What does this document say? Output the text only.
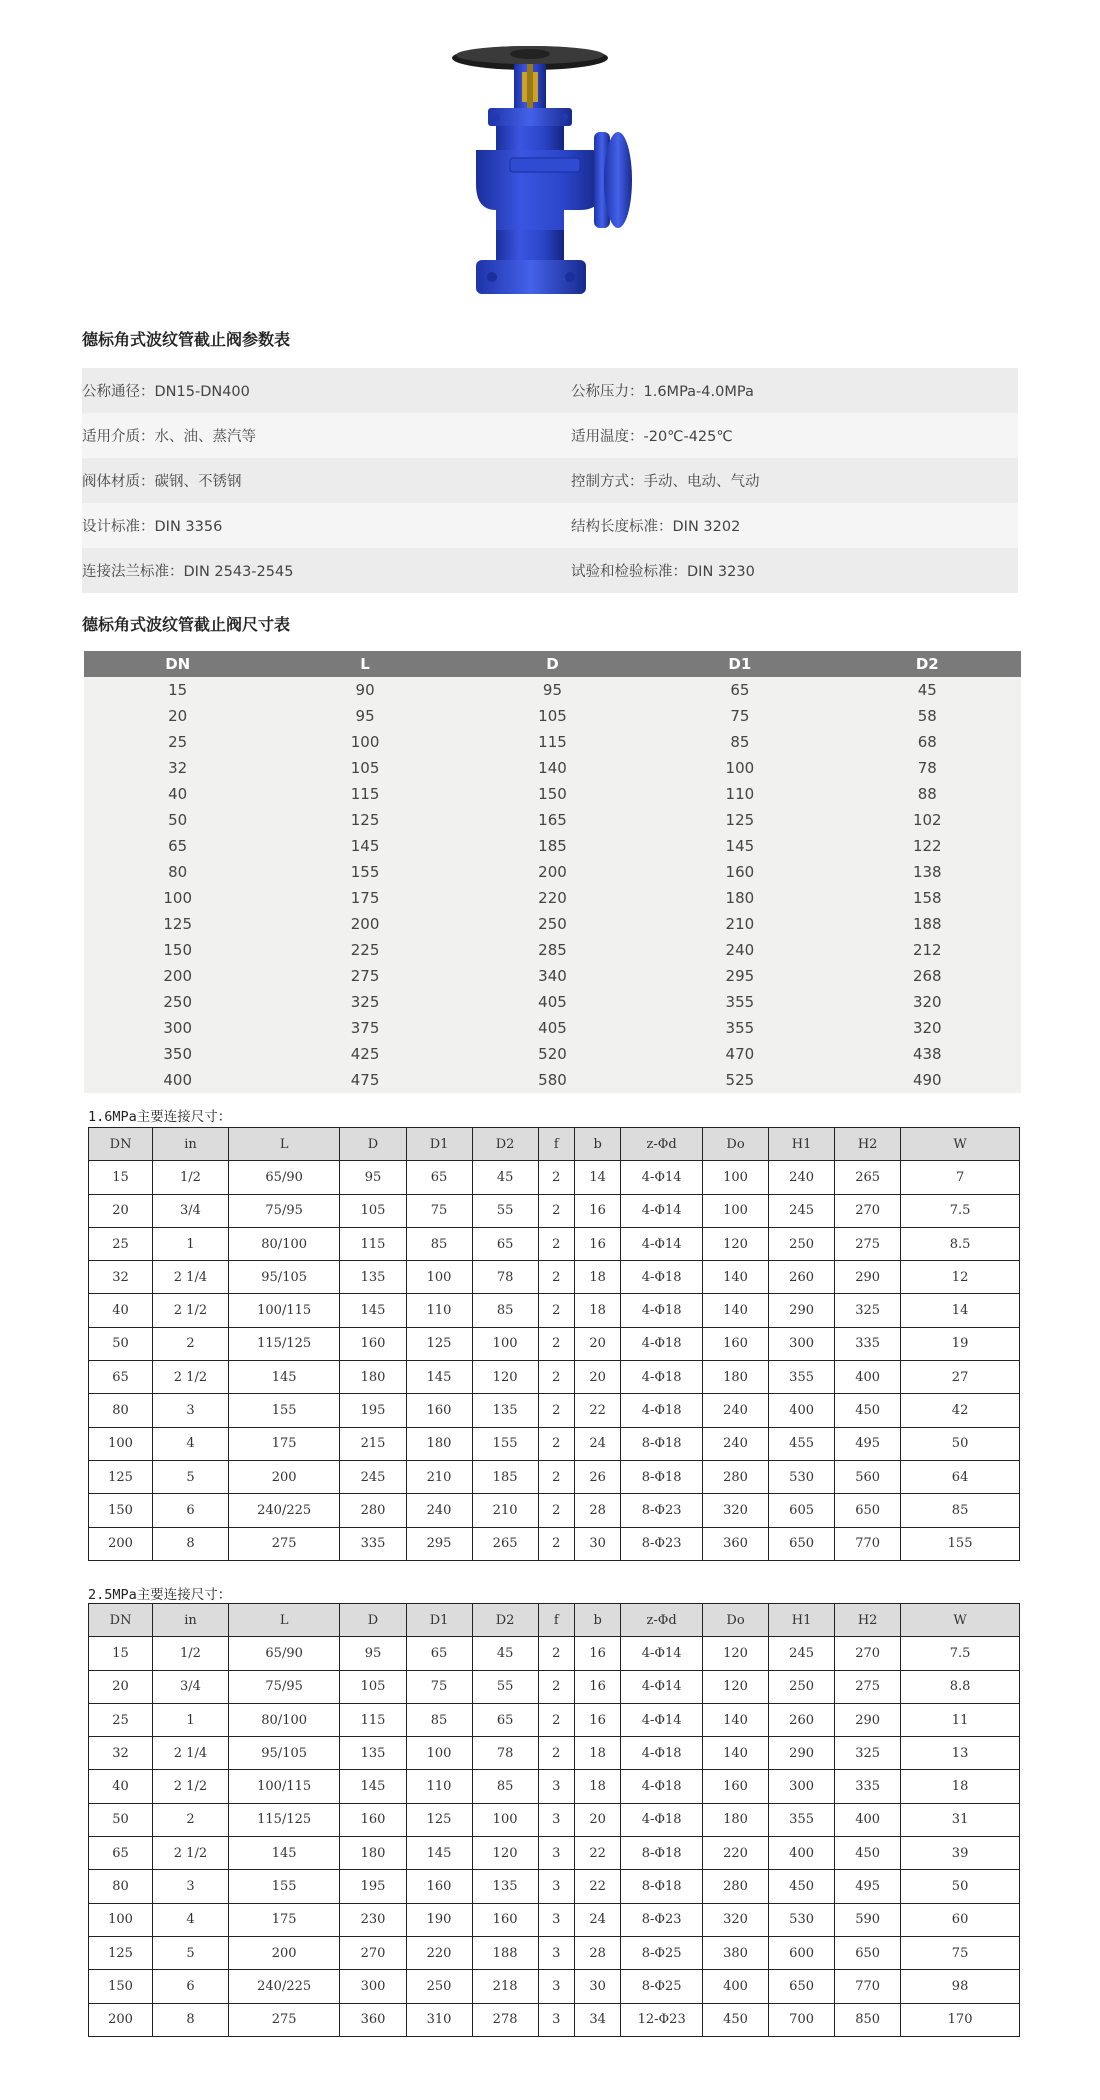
德标角式波纹管截止阀参数表
公称通径：DN15-DN400	公称压力：1.6MPa-4.0MPa
适用介质：水、油、蒸汽等	适用温度：-20℃-425℃
阀体材质：碳钢、不锈钢	控制方式：手动、电动、气动
设计标准：DIN 3356	结构长度标准：DIN 3202
连接法兰标准：DIN 2543-2545	试验和检验标准：DIN 3230
德标角式波纹管截止阀尺寸表
DN	L	D	D1	D2
15	90	95	65	45
20	95	105	75	58
25	100	115	85	68
32	105	140	100	78
40	115	150	110	88
50	125	165	125	102
65	145	185	145	122
80	155	200	160	138
100	175	220	180	158
125	200	250	210	188
150	225	285	240	212
200	275	340	295	268
250	325	405	355	320
300	375	405	355	320
350	425	520	470	438
400	475	580	525	490
1.6MPa主要连接尺寸：
DN	in	L	D	D1	D2	f	b	z-Φd	Do	H1	H2	W
15	1/2	65/90	95	65	45	2	14	4-Φ14	100	240	265	7
20	3/4	75/95	105	75	55	2	16	4-Φ14	100	245	270	7.5
25	1	80/100	115	85	65	2	16	4-Φ14	120	250	275	8.5
32	2 1/4	95/105	135	100	78	2	18	4-Φ18	140	260	290	12
40	2 1/2	100/115	145	110	85	2	18	4-Φ18	140	290	325	14
50	2	115/125	160	125	100	2	20	4-Φ18	160	300	335	19
65	2 1/2	145	180	145	120	2	20	4-Φ18	180	355	400	27
80	3	155	195	160	135	2	22	4-Φ18	240	400	450	42
100	4	175	215	180	155	2	24	8-Φ18	240	455	495	50
125	5	200	245	210	185	2	26	8-Φ18	280	530	560	64
150	6	240/225	280	240	210	2	28	8-Φ23	320	605	650	85
200	8	275	335	295	265	2	30	8-Φ23	360	650	770	155
2.5MPa主要连接尺寸：
DN	in	L	D	D1	D2	f	b	z-Φd	Do	H1	H2	W
15	1/2	65/90	95	65	45	2	16	4-Φ14	120	245	270	7.5
20	3/4	75/95	105	75	55	2	16	4-Φ14	120	250	275	8.8
25	1	80/100	115	85	65	2	16	4-Φ14	140	260	290	11
32	2 1/4	95/105	135	100	78	2	18	4-Φ18	140	290	325	13
40	2 1/2	100/115	145	110	85	3	18	4-Φ18	160	300	335	18
50	2	115/125	160	125	100	3	20	4-Φ18	180	355	400	31
65	2 1/2	145	180	145	120	3	22	8-Φ18	220	400	450	39
80	3	155	195	160	135	3	22	8-Φ18	280	450	495	50
100	4	175	230	190	160	3	24	8-Φ23	320	530	590	60
125	5	200	270	220	188	3	28	8-Φ25	380	600	650	75
150	6	240/225	300	250	218	3	30	8-Φ25	400	650	770	98
200	8	275	360	310	278	3	34	12-Φ23	450	700	850	170
